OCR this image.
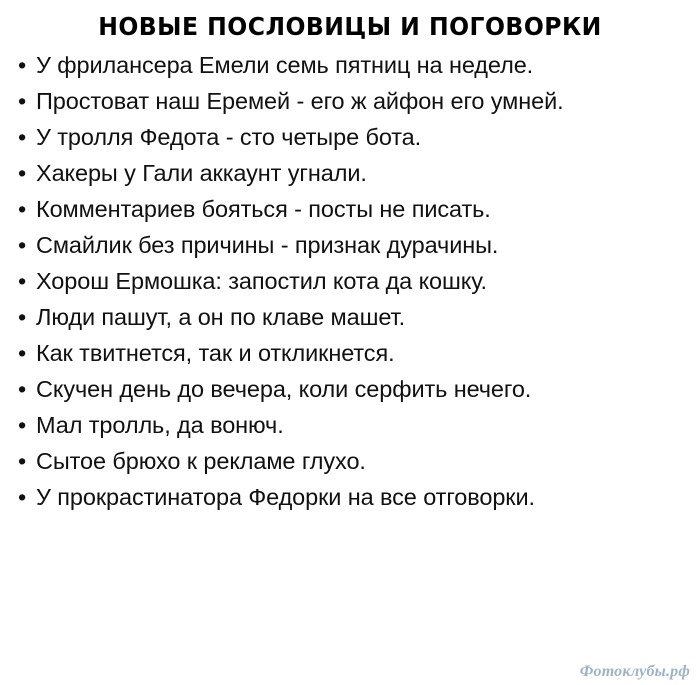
НОВЫЕ ПОСЛОВИЦЫ И ПОГОВОРКИ
• У фрилансера Емели семь пятниц на неделе.
• Простоват наш Еремей - его ж айфон его умней.
• У тролля Федота - сто четыре бота.
• Хакеры у Гали аккаунт угнали.
• Комментариев бояться - посты не писать.
• Смайлик без причины - признак дурачины.
• Хорош Ермошка: запостил кота да кошку.
• Люди пашут, а он по клаве машет.
• Как твитнется, так и откликнется.
• Скучен день до вечера, коли серфить нечего.
• Мал тролль, да вонюч.
• Сытое брюхо к рекламе глухо.
• У прокрастинатора Федорки на все отговорки.
Фотоклубы.рф
